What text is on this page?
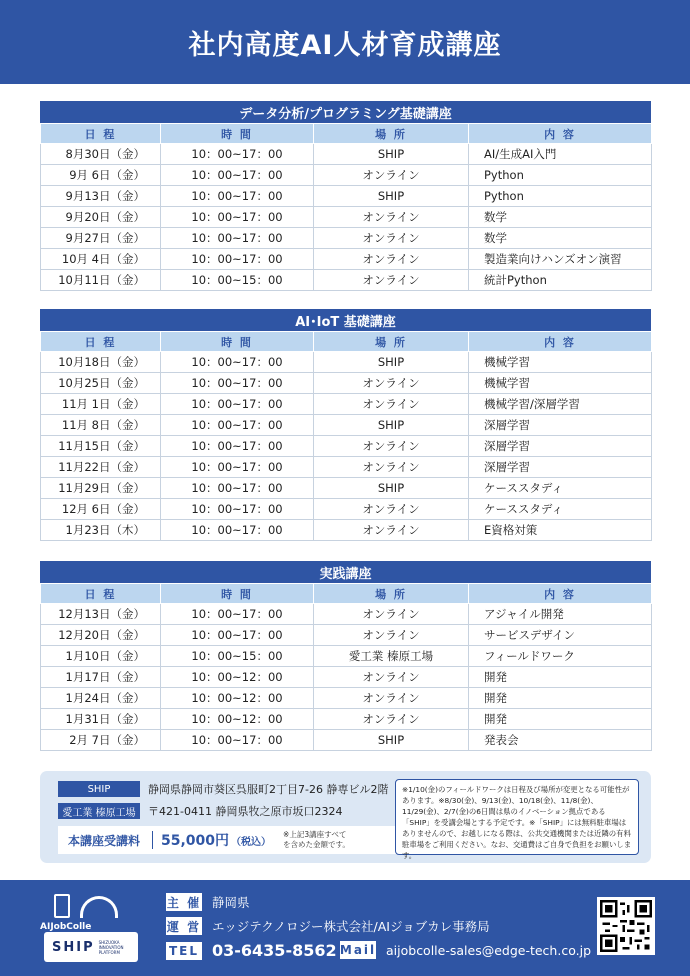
社内高度AI人材育成講座
データ分析/プログラミング基礎講座
日 程	時 間	場 所	内 容
8月30日（金）	10：00~17：00	SHIP	AI/生成AI入門
9月 6日（金）	10：00~17：00	オンライン	Python
9月13日（金）	10：00~17：00	SHIP	Python
9月20日（金）	10：00~17：00	オンライン	数学
9月27日（金）	10：00~17：00	オンライン	数学
10月 4日（金）	10：00~17：00	オンライン	製造業向けハンズオン演習
10月11日（金）	10：00~15：00	オンライン	統計Python
AI･IoT 基礎講座
日 程	時 間	場 所	内 容
10月18日（金）	10：00~17：00	SHIP	機械学習
10月25日（金）	10：00~17：00	オンライン	機械学習
11月 1日（金）	10：00~17：00	オンライン	機械学習/深層学習
11月 8日（金）	10：00~17：00	SHIP	深層学習
11月15日（金）	10：00~17：00	オンライン	深層学習
11月22日（金）	10：00~17：00	オンライン	深層学習
11月29日（金）	10：00~17：00	SHIP	ケーススタディ
12月 6日（金）	10：00~17：00	オンライン	ケーススタディ
1月23日（木）	10：00~17：00	オンライン	E資格対策
実践講座
日 程	時 間	場 所	内 容
12月13日（金）	10：00~17：00	オンライン	アジャイル開発
12月20日（金）	10：00~17：00	オンライン	サービスデザイン
1月10日（金）	10：00~15：00	愛工業 榛原工場	フィールドワーク
1月17日（金）	10：00~12：00	オンライン	開発
1月24日（金）	10：00~12：00	オンライン	開発
1月31日（金）	10：00~12：00	オンライン	開発
2月 7日（金）	10：00~17：00	SHIP	発表会
SHIP	静岡県静岡市葵区呉服町2丁目7-26 静専ビル2階
愛工業 榛原工場	〒421-0411 静岡県牧之原市坂口2324
本講座受講料	55,000円 （税込）
※上記3講座すべて
を含めた金額です。
※1/10(金)のフィールドワークは日程及び場所が変更となる可能性があります。※8/30(金)、9/13(金)、10/18(金)、11/8(金)、11/29(金)、2/7(金)の6日間は県のイノベーション拠点である「SHIP」を受講会場とする予定です。※「SHIP」には無料駐車場はありませんので、お越しになる際は、公共交通機関または近隣の有料駐車場をご利用ください。なお、交通費はご自身で負担をお願いします。
AIJobColle
SHIP SHIZUOKA INNOVATION PLATFORM
主 催 静岡県
運 営 エッジテクノロジー株式会社/AIジョブカレ事務局
TEL 03-6435-8562 Mail aijobcolle-sales@edge-tech.co.jp
